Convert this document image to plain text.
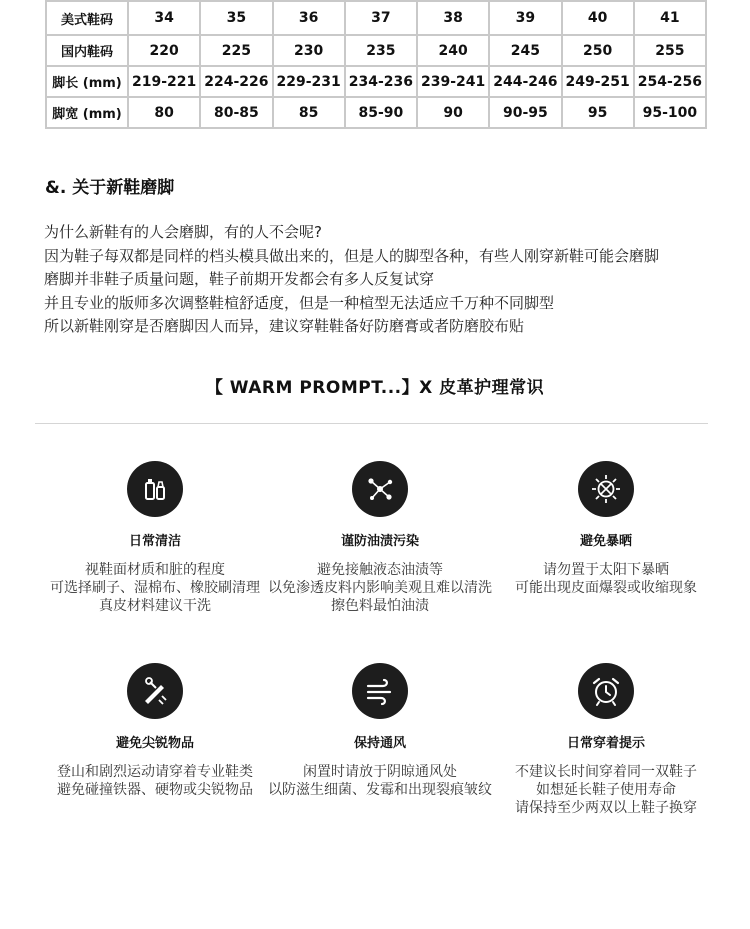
美式鞋码	34	35	36	37	38	39	40	41
国内鞋码	220	225	230	235	240	245	250	255
脚长 (mm)	219-221	224-226	229-231	234-236	239-241	244-246	249-251	254-256
脚宽 (mm)	80	80-85	85	85-90	90	90-95	95	95-100
&. 关于新鞋磨脚
为什么新鞋有的人会磨脚，有的人不会呢?
因为鞋子每双都是同样的档头模具做出来的，但是人的脚型各种，有些人刚穿新鞋可能会磨脚
磨脚并非鞋子质量问题，鞋子前期开发都会有多人反复试穿
并且专业的版师多次调整鞋楦舒适度，但是一种楦型无法适应千万种不同脚型
所以新鞋刚穿是否磨脚因人而异，建议穿鞋鞋备好防磨膏或者防磨胶布贴
【 WARM PROMPT...】X 皮革护理常识
日常清洁
视鞋面材质和脏的程度
可选择刷子、湿棉布、橡胶刷清理
真皮材料建议干洗
谨防油渍污染
避免接触液态油渍等
以免渗透皮料内影响美观且难以清洗
擦色料最怕油渍
避免暴晒
请勿置于太阳下暴晒
可能出现皮面爆裂或收缩现象
避免尖锐物品
登山和剧烈运动请穿着专业鞋类
避免碰撞铁器、硬物或尖锐物品
保持通风
闲置时请放于阴晾通风处
以防滋生细菌、发霉和出现裂痕皱纹
日常穿着提示
不建议长时间穿着同一双鞋子
如想延长鞋子使用寿命
请保持至少两双以上鞋子换穿
